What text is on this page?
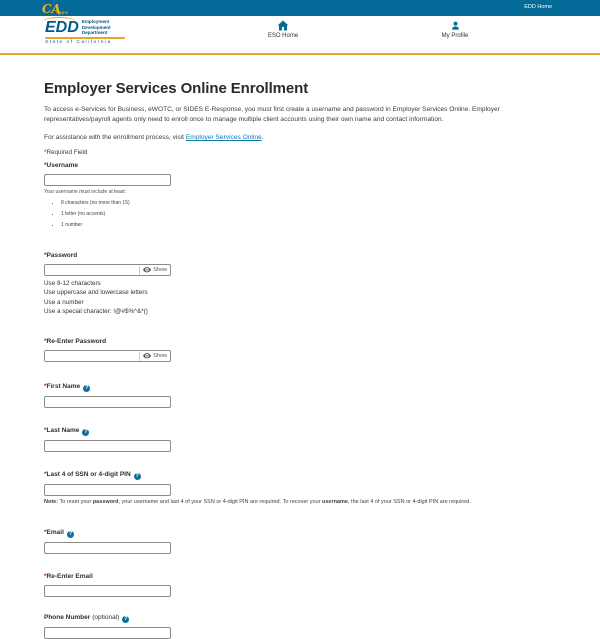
CAgov
EDD Home
EDD Employment
Development
Department
State of California
ESO Home	My Profile
Employer Services Online Enrollment

To access e-Services for Business, eWOTC, or SIDES E-Response, you must first create a username and password in Employer Services Online. Employer representatives/payroll agents only need to enroll once to manage multiple client accounts using their own name and contact information.

For assistance with the enrollment process, visit Employer Services Online.

*Required Field

*Username
Your username must include at least:
• 8 characters (no more than 15)
• 1 letter (no accents)
• 1 number
*Password
Show
Use 8-12 characters
Use uppercase and lowercase letters
Use a number
Use a special character: !@#$%^&*()
*Re-Enter Password
Show
*First Name ?
*Last Name ?
*Last 4 of SSN or 4-digit PIN ?
Note: To reset your password, your username and last 4 of your SSN or 4-digit PIN are required. To recover your username, the last 4 of your SSN or 4-digit PIN are required.
*Email ?
*Re-Enter Email
Phone Number (optional) ?
